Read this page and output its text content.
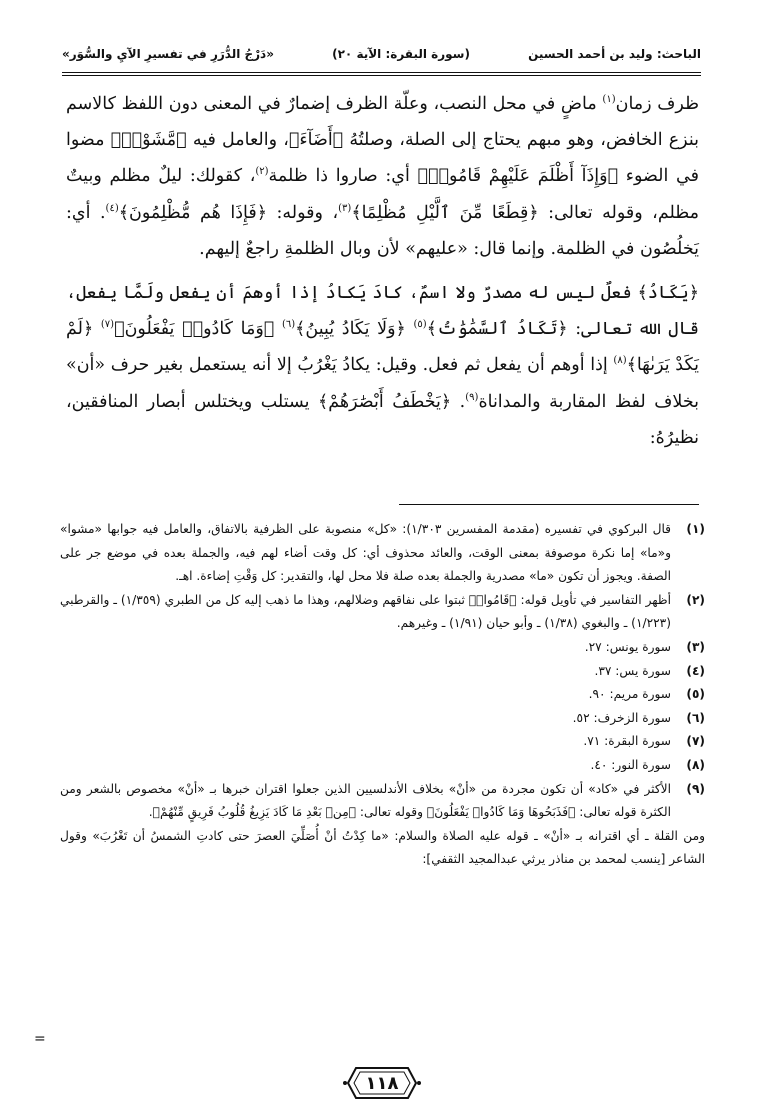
الباحث: وليد بن أحمد الحسين
(سورة البقرة: الآية ٢٠)
«دَرْجُ الدُّرَرِ في تفسيرِ الآيِ والسُّوَر»

ظرف زمان$^{(١)}$ ماضٍ في محل النصب، وعلّة الظرف إضمارٌ في المعنى دون اللفظ كالاسم بنزع الخافض، وهو مبهم يحتاج إلى الصلة، وصلتُهُ ﴿أَضَآءَ﴾، والعامل فيه ﴿مَّشَوْا۟﴾ مضوا في الضوء ﴿وَإِذَآ أَظْلَمَ عَلَيْهِمْ قَامُوا۟﴾ أي: صاروا ذا ظلمة$^{(٢)}$، كقولك: ليلٌ مظلم وبيتٌ مظلم، وقوله تعالى: ﴿قِطَعًا مِّنَ ٱلَّيْلِ مُظْلِمًا﴾$^{(٣)}$، وقوله: ﴿فَإِذَا هُم مُّظْلِمُونَ﴾$^{(٤)}$. أي: يَخلُصُون في الظلمة. وإنما قال: «عليهم» لأن وبال الظلمةِ راجعٌ إليهم.

﴿يَكَادُ﴾ فعلٌ ليس له مصدرٌ ولا اسمٌ، كادَ يَكادُ إذا أوهمَ أن يفعل ولَمَّا يفعل، قال الله تعالى: ﴿تَكَادُ ٱلسَّمَٰوَٰتُ﴾$^{(٥)}$ ﴿وَلَا يَكَادُ يُبِينُ﴾$^{(٦)}$ ﴿وَمَا كَادُوا۟ يَفْعَلُونَ﴾$^{(٧)}$ ﴿لَمْ يَكَدْ يَرَىٰهَا﴾$^{(٨)}$ إذا أوهم أن يفعل ثم فعل. وقيل: يكادُ يَغْرُبُ إلا أنه يستعمل بغير حرف «أن» بخلاف لفظ المقاربة والمداناة$^{(٩)}$. ﴿يَخْطَفُ أَبْصَٰرَهُمْ﴾ يستلب ويختلس أبصار المنافقين، نظيرُهُ:

(١)
قال البركوي في تفسيره (مقدمة المفسرين ١/٣٠٣): «كل» منصوبة على الظرفية بالاتفاق، والعامل فيه جوابها «مشوا» و«ما» إما نكرة موصوفة بمعنى الوقت، والعائد محذوف أي: كل وقت أضاء لهم فيه، والجملة بعده في موضع جر على الصفة. ويجوز أن تكون «ما» مصدرية والجملة بعده صلة فلا محل لها، والتقدير: كل وَقْتِ إضاءة. اهـ.
(٢)
أظهر التفاسير في تأويل قوله: ﴿قَامُوا۟﴾ ثبتوا على نفاقهم وضلالهم، وهذا ما ذهب إليه كل من الطبري (١/٣٥٩) ـ والقرطبي (١/٢٢٣) ـ والبغوي (١/٣٨) ـ وأبو حيان (١/٩١) ـ وغيرهم.
(٣)
سورة يونس: ٢٧.
(٤)
سورة يس: ٣٧.
(٥)
سورة مريم: ٩٠.
(٦)
سورة الزخرف: ٥٢.
(٧)
سورة البقرة: ٧١.
(٨)
سورة النور: ٤٠.
(٩)
الأكثر في «كاد» أن تكون مجردة من «أنْ» بخلاف الأندلسيين الذين جعلوا اقتران خبرها بـ «أنْ» مخصوص بالشعر ومن الكثرة قوله تعالى: ﴿فَذَبَحُوهَا وَمَا كَادُوا۟ يَفْعَلُونَ﴾ وقوله تعالى: ﴿مِنۢ بَعْدِ مَا كَادَ يَزِيغُ قُلُوبُ فَرِيقٍ مِّنْهُمْ﴾.
ومن القلة ـ أي اقترانه بـ «أنْ» ـ قوله عليه الصلاة والسلام: «ما كِدْتُ أنْ أُصَلِّيَ العصرَ حتى كادتِ الشمسُ أن تَغْرُبَ» وقول الشاعر [ينسب لمحمد بن مناذر يرثي عبدالمجيد الثقفي]:
=
١١٨
